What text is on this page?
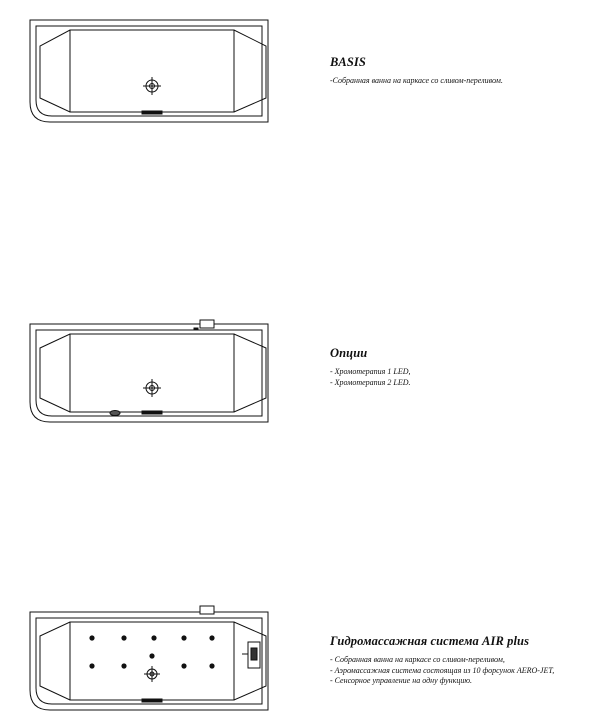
BASIS
-Собранная ванна на каркасе со сливом-переливом.
Опции
- Хромотерапия 1 LED,
- Хромотерапия 2 LED.
Гидромассажная система AIR plus
- Собранная ванна на каркасе со сливом-переливом,
- Аэромассажная система состоящая из 10 форсунок AERO-JET,
- Сенсорное управление на одну функцию.
